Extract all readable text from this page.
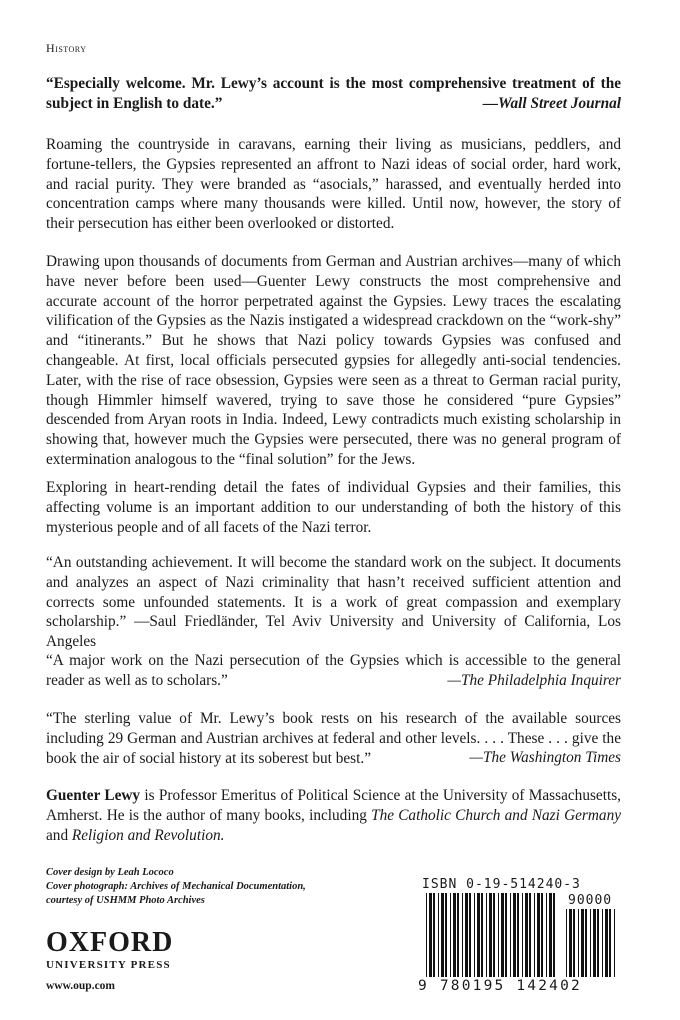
History

“Especially welcome. Mr. Lewy’s account is the most comprehensive treatment of the subject in English to date.”	—Wall Street Journal

Roaming the countryside in caravans, earning their living as musicians, peddlers, and fortune-tellers, the Gypsies represented an affront to Nazi ideas of social order, hard work, and racial purity. They were branded as “asocials,” harassed, and eventually herded into concentration camps where many thousands were killed. Until now, however, the story of their persecution has either been overlooked or distorted.

Drawing upon thousands of documents from German and Austrian archives—many of which have never before been used—Guenter Lewy constructs the most comprehensive and accurate account of the horror perpetrated against the Gypsies. Lewy traces the escalating vilification of the Gypsies as the Nazis instigated a widespread crackdown on the “work-shy” and “itinerants.” But he shows that Nazi policy towards Gypsies was confused and changeable. At first, local officials persecuted gypsies for allegedly anti-social tendencies. Later, with the rise of race obsession, Gypsies were seen as a threat to German racial purity, though Himmler himself wavered, trying to save those he considered “pure Gypsies” descended from Aryan roots in India. Indeed, Lewy contradicts much existing scholarship in showing that, however much the Gypsies were persecuted, there was no general program of extermination analogous to the “final solution” for the Jews.

Exploring in heart-rending detail the fates of individual Gypsies and their families, this affecting volume is an important addition to our understanding of both the history of this mysterious people and of all facets of the Nazi terror.

“An outstanding achievement. It will become the standard work on the subject. It documents and analyzes an aspect of Nazi criminality that hasn’t received sufficient attention and corrects some unfounded statements. It is a work of great compassion and exemplary scholarship.” —Saul Friedländer, Tel Aviv University and University of California, Los Angeles

“A major work on the Nazi persecution of the Gypsies which is accessible to the general reader as well as to scholars.”	—The Philadelphia Inquirer

“The sterling value of Mr. Lewy’s book rests on his research of the available sources including 29 German and Austrian archives at federal and other levels. . . . These . . . give the book the air of social history at its soberest but best.”	—The Washington Times

Guenter Lewy is Professor Emeritus of Political Science at the University of Massachusetts, Amherst. He is the author of many books, including The Catholic Church and Nazi Germany and Religion and Revolution.

Cover design by Leah Lococo
Cover photograph: Archives of Mechanical Documentation,
courtesy of USHMM Photo Archives
OXFORD
UNIVERSITY PRESS
www.oup.com
ISBN 0-19-514240-3
90000
9 780195 142402
